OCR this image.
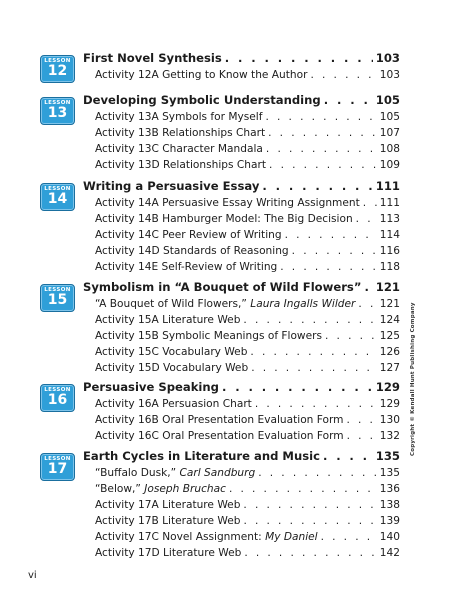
LESSON
12
First Novel Synthesis . . .	103
Activity 12A Getting to Know the Author . . .	103
LESSON
13
Developing Symbolic Understanding . . .	105
Activity 13A Symbols for Myself . . .	105
Activity 13B Relationships Chart . . .	107
Activity 13C Character Mandala . . .	108
Activity 13D Relationships Chart . . .	109
LESSON
14
Writing a Persuasive Essay . . .	111
Activity 14A Persuasive Essay Writing Assignment . . . 111
Activity 14B Hamburger Model: The Big Decision . . .	113
Activity 14C Peer Review of Writing . . .	114
Activity 14D Standards of Reasoning . . .	116
Activity 14E Self-Review of Writing . . .	118
LESSON
15
Symbolism in “A Bouquet of Wild Flowers” . . . 121
“A Bouquet of Wild Flowers,” Laura Ingalls Wilder . . . 121
Activity 15A Literature Web . . .	124
Activity 15B Symbolic Meanings of Flowers . . .	125
Activity 15C Vocabulary Web . . .	126
Activity 15D Vocabulary Web . . .	127
LESSON
16
Persuasive Speaking . . .	129
Activity 16A Persuasion Chart . . .	129
Activity 16B Oral Presentation Evaluation Form . . .	130
Activity 16C Oral Presentation Evaluation Form . . .	132
LESSON
17
Earth Cycles in Literature and Music . . .	135
“Buffalo Dusk,” Carl Sandburg . . .	135
“Below,” Joseph Bruchac . . .	136
Activity 17A Literature Web . . .	138
Activity 17B Literature Web . . .	139
Activity 17C Novel Assignment: My Daniel . . .	140
Activity 17D Literature Web . . .	142
Copyright © Kendall Hunt Publishing Company
vi
